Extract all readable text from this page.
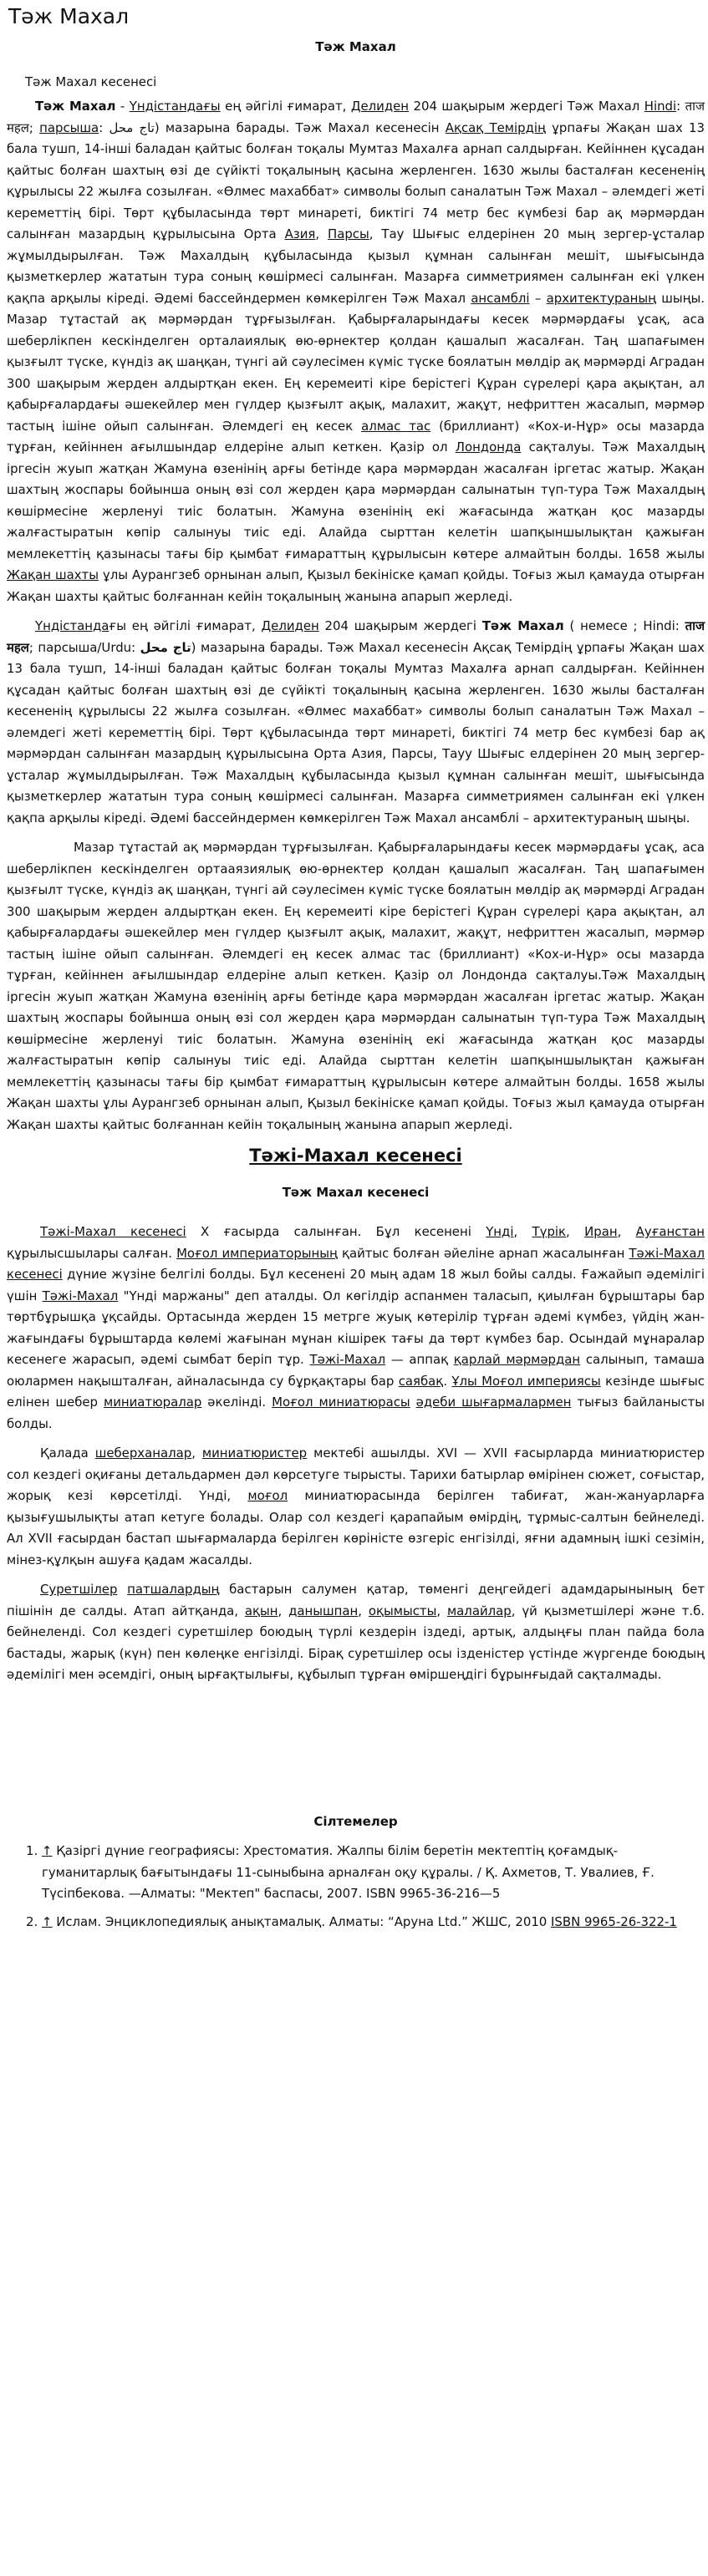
Тәж Махал
Тәж Махал
Тәж Махал кесенесі

Тәж Махал - Үндістандағы ең әйгілі ғимарат, Делиден 204 шақырым жердегі Тәж Махал Hindi: ताज महल; парсыша: تاج محل) мазарына барады. Тәж Махал кесенесін Ақсақ Темірдің ұрпағы Жақан шах 13 бала тушп, 14-інші баладан қайтыс болған тоқалы Мумтаз Махалға арнап салдырған. Кейіннен құсадан қайтыс болған шахтың өзі де сүйікті тоқалының қасына жерленген. 1630 жылы басталған кесененің құрылысы 22 жылға созылған. «Өлмес махаббат» символы болып саналатын Тәж Махал – әлемдегі жеті кереметтің бірі. Төрт құбыласында төрт минареті, биктігі 74 метр бес күмбезі бар ақ мәрмәрдан салынған мазардың құрылысына Орта Азия, Парсы, Тау Шығыс елдерінен 20 мың зергер-ұсталар жұмылдырылған. Тәж Махалдың құбыласында қызыл құмнан салынған мешіт, шығысында қызметкерлер жататын тура соның көшірмесі салынған. Мазарға симметриямен салынған екі үлкен қақпа арқылы кіреді. Әдемі бассейндермен көмкерілген Тәж Махал ансамблі – архитектураның шыңы. Мазар тұтастай ақ мәрмәрдан тұрғызылған. Қабырғаларындағы кесек мәрмәрдағы ұсақ, аса шеберлікпен кескінделген орталаиялық өю-өрнектер қолдан қашалып жасалған. Таң шапағымен қызғылт түске, күндіз ақ шаңқан, түнгі ай сәулесімен күміс түске боялатын мөлдір ақ мәрмәрді Аградан 300 шақырым жерден алдыртқан екен. Ең керемеиті кіре берістегі Құран сүрелері қара ақықтан, ал қабырғалардағы әшекейлер мен гүлдер қызғылт ақық, малахит, жақұт, нефриттен жасалып, мәрмәр тастың ішіне ойып салынған. Әлемдегі ең кесек алмас тас (бриллиант) «Кох-и-Нұр» осы мазарда тұрған, кейіннен ағылшындар елдеріне алып кеткен. Қазір ол Лондонда сақталуы. Тәж Махалдың іргесін жуып жатқан Жамуна өзенінің арғы бетінде қара мәрмәрдан жасалған іргетас жатыр. Жақан шахтың жоспары бойынша оның өзі сол жерден қара мәрмәрдан салынатын түп-тура Тәж Махалдың көшірмесіне жерленуі тиіс болатын. Жамуна өзенінің екі жағасында жатқан қос мазарды жалғастыратын көпір салынуы тиіс еді. Алайда сырттан келетін шапқыншылықтан қажыған мемлекеттің қазынасы тағы бір қымбат ғимараттың құрылысын көтере алмайтын болды. 1658 жылы Жақан шахты ұлы Аурангзеб орнынан алып, Қызыл бекінiске қамап қойды. Тоғыз жыл қамауда отырған Жақан шахты қайтыс болғаннан кейін тоқалының жанына апарып жерледі.

Үндістандағы ең әйгілі ғимарат, Делиден 204 шақырым жердегі Тәж Махал ( немесе ; Hindi: ताज महल; парсыша/Urdu: تاج محل) мазарына барады. Тәж Махал кесенесін Ақсақ Темірдің ұрпағы Жақан шах 13 бала тушп, 14-інші баладан қайтыс болған тоқалы Мумтаз Махалға арнап салдырған. Кейіннен құсадан қайтыс болған шахтың өзі де сүйікті тоқалының қасына жерленген. 1630 жылы басталған кесененің құрылысы 22 жылға созылған. «Өлмес махаббат» символы болып саналатын Тәж Махал – әлемдегі жеті кереметтің бірі. Төрт құбыласында төрт минареті, биктігі 74 метр бес күмбезі бар ақ мәрмәрдан салынған мазардың құрылысына Орта Азия, Парсы, Тауу Шығыс елдерінен 20 мың зергер-ұсталар жұмылдырылған. Тәж Махалдың құбыласында қызыл құмнан салынған мешіт, шығысында қызметкерлер жататын тура соның көшірмесі салынған. Мазарға симметриямен салынған екі үлкен қақпа арқылы кіреді. Әдемі бассейндермен көмкерілген Тәж Махал ансамблі – архитектураның шыңы.

Мазар тұтастай ақ мәрмәрдан тұрғызылған. Қабырғаларындағы кесек мәрмәрдағы ұсақ, аса шеберлікпен кескінделген ортааязиялық өю-өрнектер қолдан қашалып жасалған. Таң шапағымен қызғылт түске, күндіз ақ шаңқан, түнгі ай сәулесімен күміс түске боялатын мөлдір ақ мәрмәрді Аградан 300 шақырым жерден алдыртқан екен. Ең керемеиті кіре берістегі Құран сүрелері қара ақықтан, ал қабырғалардағы әшекейлер мен гүлдер қызғылт ақық, малахит, жақұт, нефриттен жасалып, мәрмәр тастың ішіне ойып салынған. Әлемдегі ең кесек алмас тас (бриллиант) «Кох-и-Нұр» осы мазарда тұрған, кейіннен ағылшындар елдеріне алып кеткен. Қазір ол Лондонда сақталуы.Тәж Махалдың іргесін жуып жатқан Жамуна өзенінің арғы бетінде қара мәрмәрдан жасалған іргетас жатыр. Жақан шахтың жоспары бойынша оның өзі сол жерден қара мәрмәрдан салынатын түп-тура Тәж Махалдың көшірмесіне жерленуі тиіс болатын. Жамуна өзенінің екі жағасында жатқан қос мазарды жалғастыратын көпір салынуы тиіс еді. Алайда сырттан келетін шапқыншылықтан қажыған мемлекеттің қазынасы тағы бір қымбат ғимараттың құрылысын көтере алмайтын болды. 1658 жылы Жақан шахты ұлы Аурангзеб орнынан алып, Қызыл бекінiске қамап қойды. Тоғыз жыл қамауда отырған Жақан шахты қайтыс болғаннан кейін тоқалының жанына апарып жерледі.

Тәжі-Махал кесенесі
Тәж Махал кесенесі

Тәжі-Махал кесенесі X ғасырда салынған. Бұл кесенені Үнді, Түрік, Иран, Ауғанстан құрылысшылары салған. Моғол империаторының қайтыс болған әйеліне арнап жасалынған Тәжі-Махал кесенесі дүние жүзіне белгілі болды. Бұл кесенені 20 мың адам 18 жыл бойы салды. Ғажайып әдемілігі үшін Тәжі-Махал "Үнді маржаны" деп аталды. Ол көгілдір аспанмен таласып, қиылған бұрыштары бар төртбұрышқа ұқсайды. Ортасында жерден 15 метрге жуық көтерілір тұрған әдемі күмбез, үйдің жан-жағындағы бұрыштарда көлемі жағынан мұнан кішірек тағы да төрт күмбез бар. Осындай мұнаралар кесенеге жарасып, әдемі сымбат беріп тұр. Тәжі-Махал — аппақ қарлай мәрмәрдан салынып, тамаша оюлармен нақышталған, айналасында су бұрқақтары бар саябақ. Ұлы Моғол империясы кезінде шығыс елінен шебер миниатюралар әкелінді. Моғол миниатюрасы әдеби шығармалармен тығыз байланысты болды.

Қалада шеберханалар, миниатюристер мектебі ашылды. XVI — XVII ғасырларда миниатюристер сол кездегі оқиғаны детальдармен дәл көрсетуге тырысты. Тарихи батырлар өмірінен сюжет, соғыстар, жорық кезі көрсетілді. Үнді, моғол миниатюрасында берілген табиғат, жан-жануарларға қызығушылықты атап кетуге болады. Олар сол кездегі қарапайым өмірдің, тұрмыс-салтын бейнеледі. Ал XVII ғасырдан бастап шығармаларда берілген көріністе өзгеріс енгізілді, яғни адамның ішкі сезімін, мінез-құлқын ашуға қадам жасалды.

Суретшілер патшалардың бастарын салумен қатар, төменгі деңгейдегі адамдарынының бет пішінін де салды. Атап айтқанда, ақын, данышпан, оқымысты, малайлар, үй қызметшілері және т.б. бейнеленді. Сол кездегі суретшілер боюдың түрлі кездерін іздеді, артық, алдыңғы план пайда бола бастады, жарық (күн) пен көлеңке енгізілді. Бірақ суретшілер осы ізденістер үстінде жүргенде боюдың әдемілігі мен әсемдігі, оның ырғақтылығы, құбылып тұрған өміршеңдігі бұрынғыдай сақталмады.

Сілтемелер
1. ↑ Қазіргі дүние географиясы: Хрестоматия. Жалпы білім беретін мектептің қоғамдық-гуманитарлық бағытындағы 11-сыныбына арналған оқу құралы. / Қ. Ахметов, Т. Увалиев, Ғ. Түсіпбекова. —Алматы: "Мектеп" баспасы, 2007. ISBN 9965-36-216—5
2. ↑ Ислам. Энциклопедиялық анықтамалық. Алматы: “Аруна Ltd.” ЖШС, 2010 ISBN 9965-26-322-1
